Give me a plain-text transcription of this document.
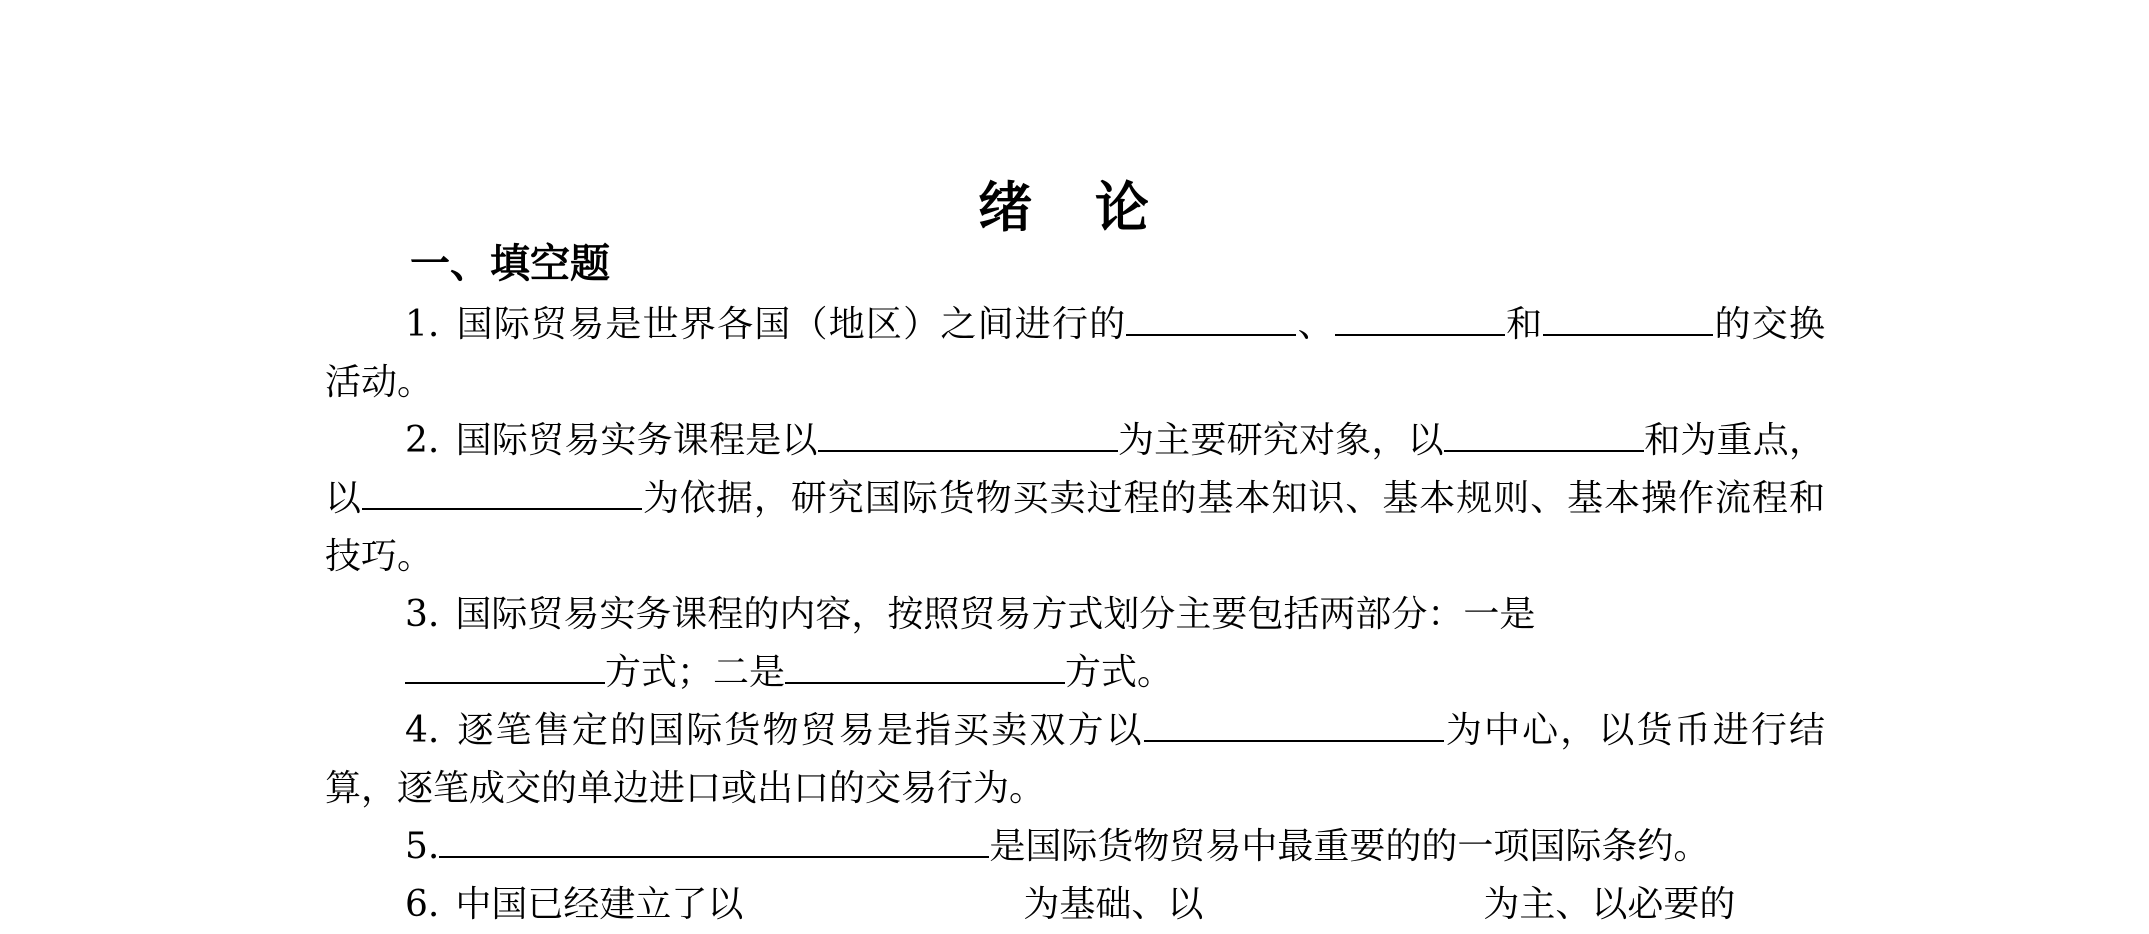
绪 论
一、填空题

1. 国际贸易是世界各国（地区）之间进行的	、	和	的交换活动。

2. 国际贸易实务课程是以	为主要研究对象，以	和为重点，以	为依据，研究国际货物买卖过程的基本知识、基本规则、基本操作流程和技巧。

3. 国际贸易实务课程的内容，按照贸易方式划分主要包括两部分：一是

方式；二是	方式。

4. 逐笔售定的国际货物贸易是指买卖双方以	为中心，以货币进行结算，逐笔成交的单边进口或出口的交易行为。

5.	是国际货物贸易中最重要的的一项国际条约。

6. 中国已经建立了以	为基础、以	为主、以必要的
